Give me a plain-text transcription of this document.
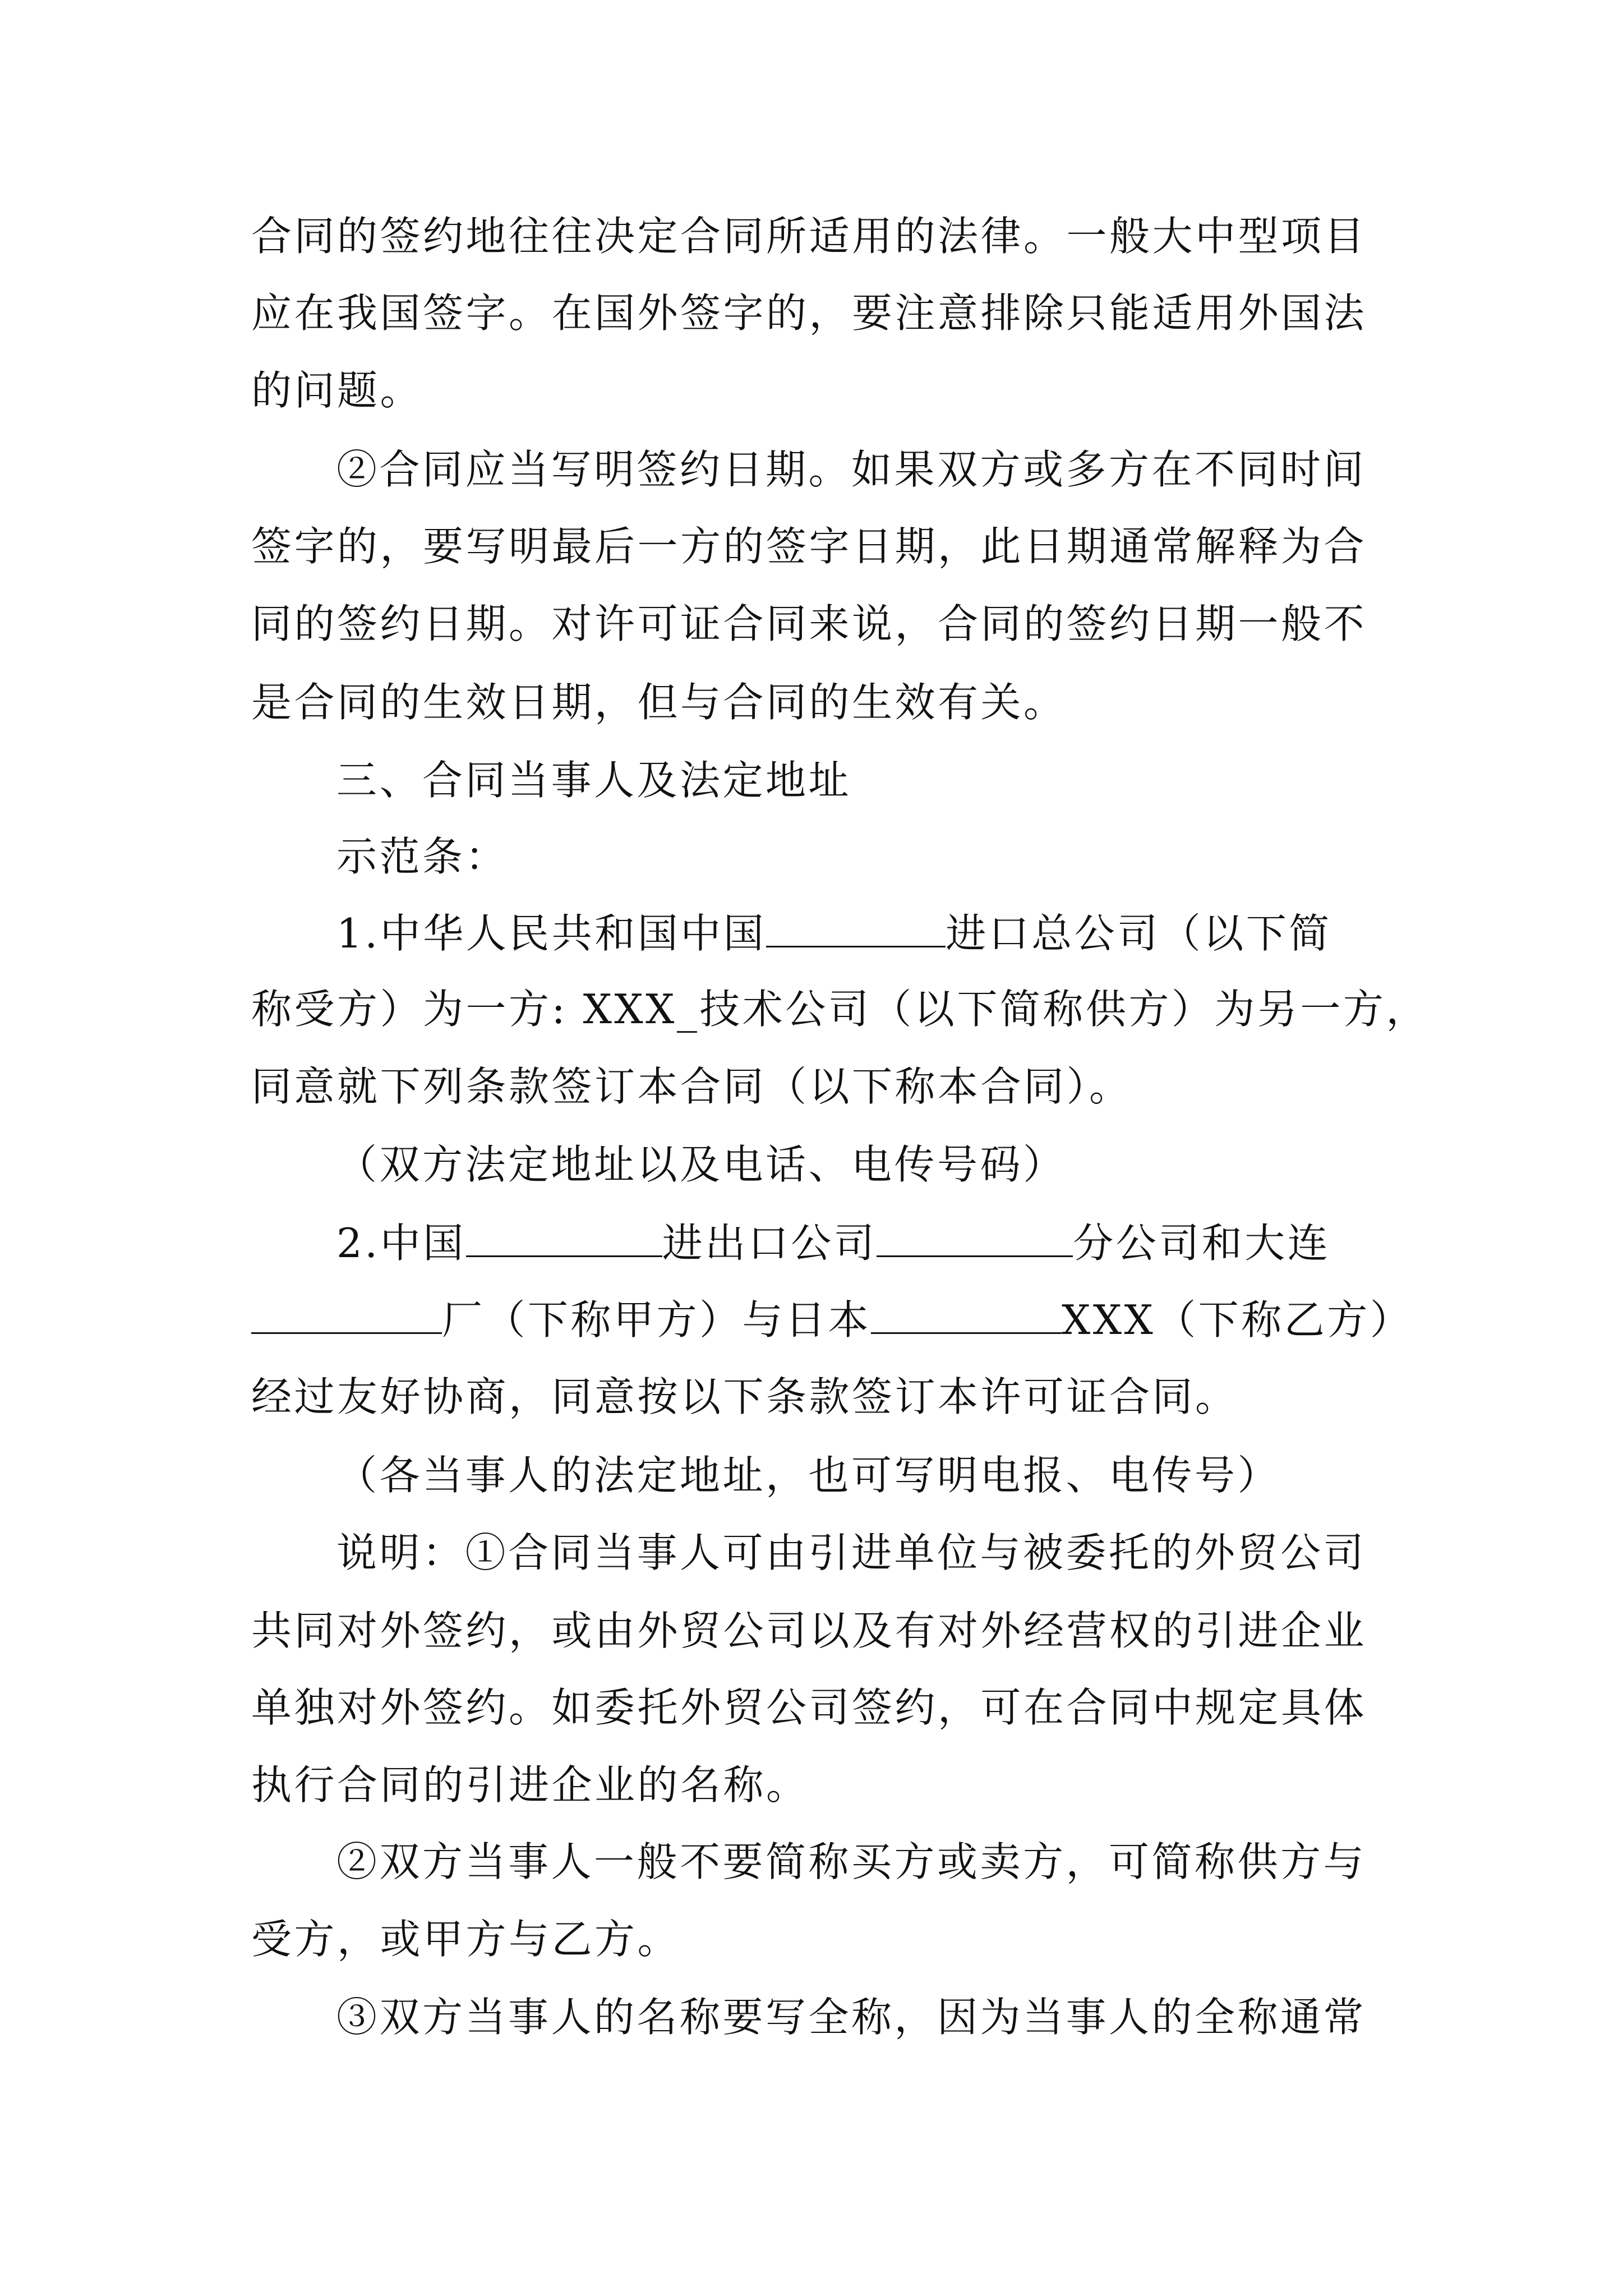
合同的签约地往往决定合同所适用的法律。一般大中型项目
应在我国签字。在国外签字的，要注意排除只能适用外国法
的问题。
②合同应当写明签约日期。如果双方或多方在不同时间
签字的，要写明最后一方的签字日期，此日期通常解释为合
同的签约日期。对许可证合同来说，合同的签约日期一般不
是合同的生效日期，但与合同的生效有关。
三、合同当事人及法定地址
示范条：
1.中华人民共和国中国	进口总公司（以下简
称受方）为一方: XXX_技术公司（以下简称供方）为另一方，
同意就下列条款签订本合同（以下称本合同）。
（双方法定地址以及电话、电传号码）
2.中国	进出口公司	分公司和大连
厂（下称甲方）与日本	XXX（下称乙方）
经过友好协商，同意按以下条款签订本许可证合同。
（各当事人的法定地址，也可写明电报、电传号）
说明：①合同当事人可由引进单位与被委托的外贸公司
共同对外签约，或由外贸公司以及有对外经营权的引进企业
单独对外签约。如委托外贸公司签约，可在合同中规定具体
执行合同的引进企业的名称。
②双方当事人一般不要简称买方或卖方，可简称供方与
受方，或甲方与乙方。
③双方当事人的名称要写全称，因为当事人的全称通常
